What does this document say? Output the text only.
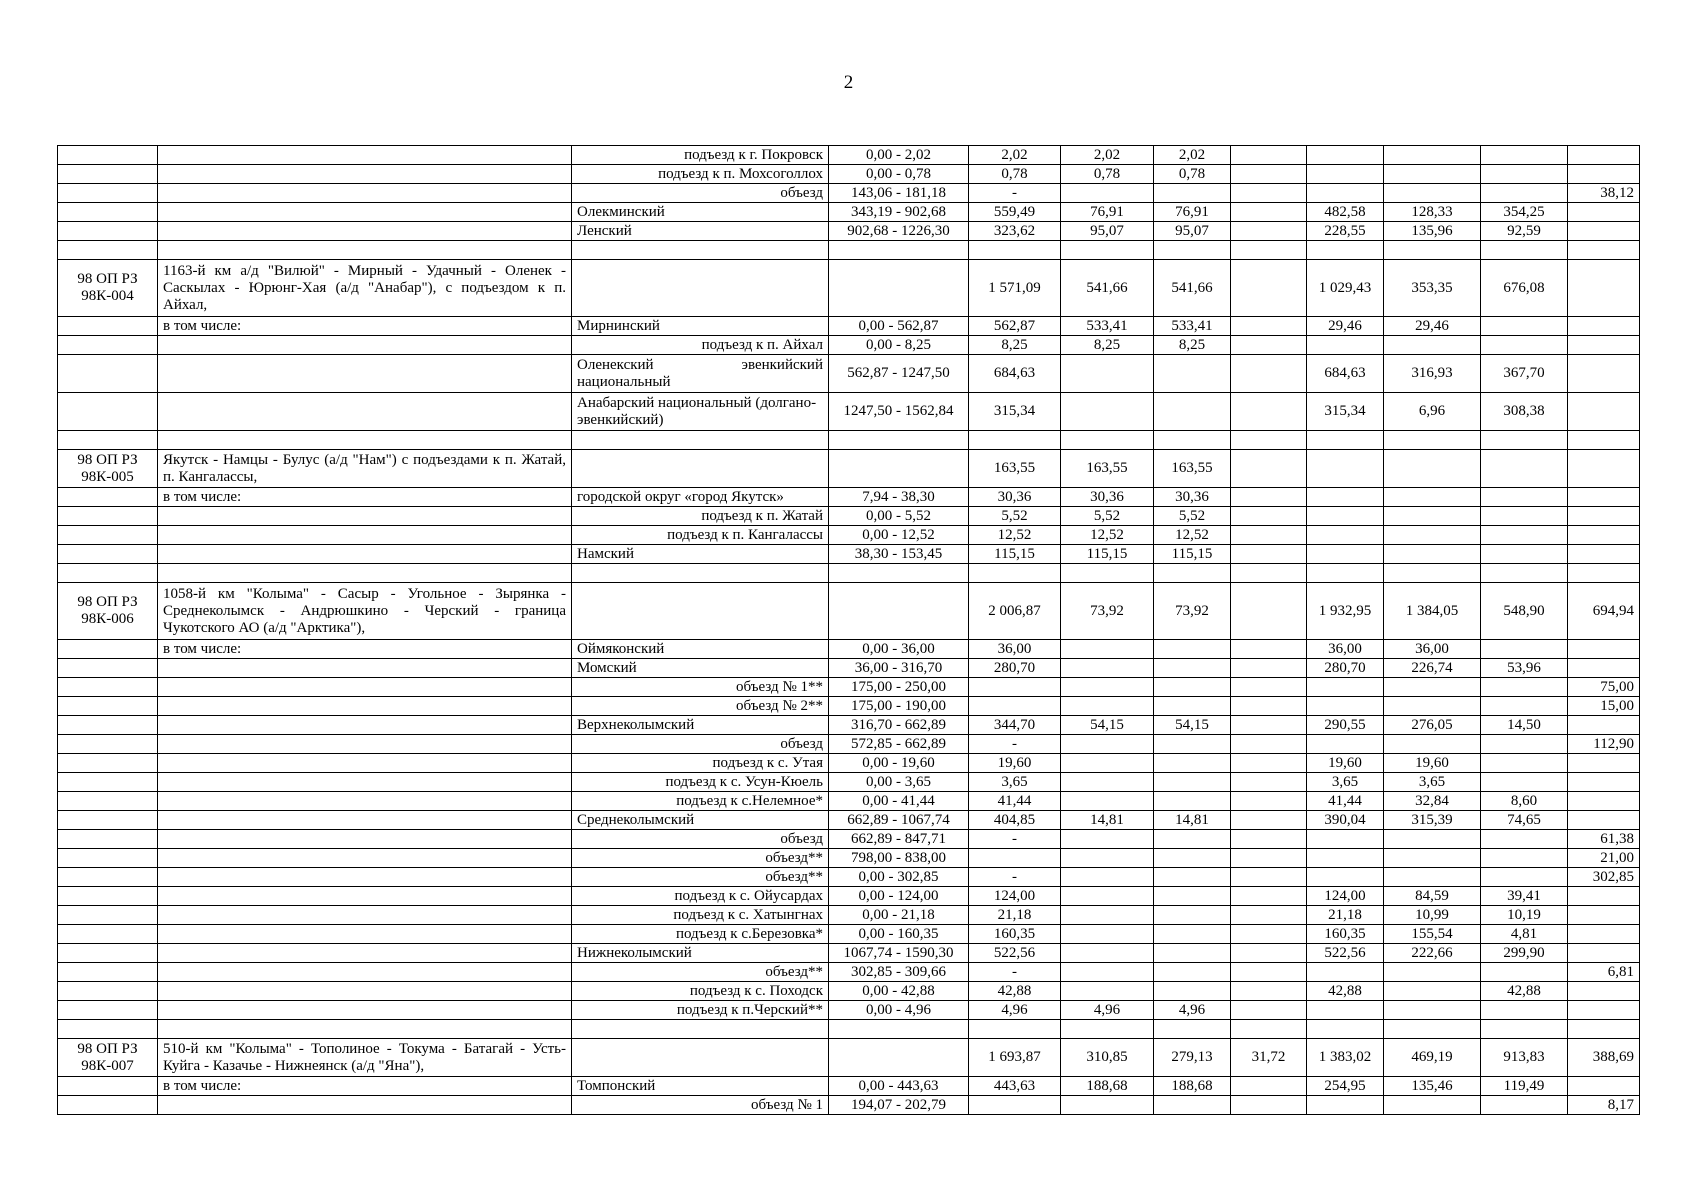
2
		подъезд к г. Покровск	0,00 - 2,02	2,02	2,02	2,02					
		подъезд к п. Мохсоголлох	0,00 - 0,78	0,78	0,78	0,78					
		объезд	143,06 - 181,18	-							38,12
		Олекминский	343,19 - 902,68	559,49	76,91	76,91		482,58	128,33	354,25	
		Ленский	902,68 - 1226,30	323,62	95,07	95,07		228,55	135,96	92,59	

98 ОП РЗ 98К-004	1163-й км а/д "Вилюй" - Мирный - Удачный - Оленек - Саскылах - Юрюнг-Хая (а/д "Анабар"), с подъездом к п. Айхал,			1 571,09	541,66	541,66		1 029,43	353,35	676,08	
	в том числе:	Мирнинский	0,00 - 562,87	562,87	533,41	533,41		29,46	29,46		
		подъезд к п. Айхал	0,00 - 8,25	8,25	8,25	8,25					

		Оленекский эвенкийский национальный	562,87 - 1247,50	684,63				684,63	316,93	367,70	
		Анабарский национальный (долгано-эвенкийский)	1247,50 - 1562,84	315,34				315,34	6,96	308,38	

98 ОП РЗ 98К-005	Якутск - Намцы - Булус (а/д "Нам") с подъездами к п. Жатай, п. Кангалассы,			163,55	163,55	163,55					
	в том числе:	городской округ «город Якутск»	7,94 - 38,30	30,36	30,36	30,36					
		подъезд к п. Жатай	0,00 - 5,52	5,52	5,52	5,52					
		подъезд к п. Кангалассы	0,00 - 12,52	12,52	12,52	12,52					
		Намский	38,30 - 153,45	115,15	115,15	115,15					

98 ОП РЗ 98К-006	1058-й км "Колыма" - Сасыр - Угольное - Зырянка - Среднеколымск - Андрюшкино - Черский - граница Чукотского АО (а/д "Арктика"),			2 006,87	73,92	73,92		1 932,95	1 384,05	548,90	694,94
	в том числе:	Оймяконский	0,00 - 36,00	36,00				36,00	36,00		
		Момский	36,00 - 316,70	280,70				280,70	226,74	53,96	
		объезд № 1**	175,00 - 250,00								75,00
		объезд № 2**	175,00 - 190,00								15,00
		Верхнеколымский	316,70 - 662,89	344,70	54,15	54,15		290,55	276,05	14,50	
		объезд	572,85 - 662,89	-							112,90
		подъезд к с. Утая	0,00 - 19,60	19,60				19,60	19,60		
		подъезд к с. Усун-Кюель	0,00 - 3,65	3,65				3,65	3,65		
		подъезд к с.Нелемное*	0,00 - 41,44	41,44				41,44	32,84	8,60	
		Среднеколымский	662,89 - 1067,74	404,85	14,81	14,81		390,04	315,39	74,65	
		объезд	662,89 - 847,71	-							61,38
		объезд**	798,00 - 838,00								21,00
		объезд**	0,00 - 302,85	-							302,85
		подъезд к с. Ойусардах	0,00 - 124,00	124,00				124,00	84,59	39,41	
		подъезд к с. Хатынгнах	0,00 - 21,18	21,18				21,18	10,99	10,19	
		подъезд к с.Березовка*	0,00 - 160,35	160,35				160,35	155,54	4,81	
		Нижнеколымский	1067,74 - 1590,30	522,56				522,56	222,66	299,90	
		объезд**	302,85 - 309,66	-							6,81
		подъезд к с. Походск	0,00 - 42,88	42,88				42,88		42,88	
		подъезд к п.Черский**	0,00 - 4,96	4,96	4,96	4,96					

98 ОП РЗ 98К-007	510-й км "Колыма" - Тополиное - Токума - Батагай - Усть-Куйга - Казачье - Нижнеянск (а/д "Яна"),			1 693,87	310,85	279,13	31,72	1 383,02	469,19	913,83	388,69
	в том числе:	Томпонский	0,00 - 443,63	443,63	188,68	188,68		254,95	135,46	119,49	
		объезд № 1	194,07 - 202,79								8,17
